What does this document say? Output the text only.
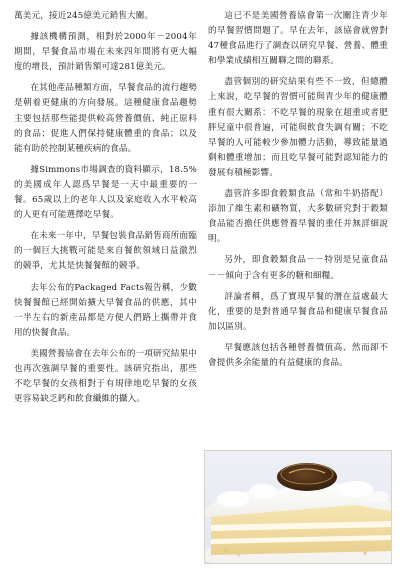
萬美元，接近245億美元銷售大關。

據該機構預測，相對於2000年－2004年期間，早餐食品市場在未來四年間將有更大幅度的增長，預計銷售額可達281億美元。

在其他產品種類方面，早餐食品的流行趨勢是朝着更健康的方向發展。這種健康食品趨勢主要包括那些能提供較高營養價值、純正原料的食品；促進人們保持健康體重的食品；以及能有助於控制某種疾病的食品。

據Simmons市場調查的資料顯示，18.5%的美國成年人認爲早餐是一天中最重要的一餐。65歲以上的老年人以及家庭收入水平較高的人更有可能選擇吃早餐。

在未來一年中，早餐包裝食品銷售商所面臨的一個巨大挑戰可能是來自餐飲領域日益激烈的競爭，尤其是快餐餐館的競爭。

去年公布的Packaged Facts報告稱，少數快餐餐館已經開始擴大早餐食品的供應，其中一半左右的新產品都是方便人們路上攜帶并食用的快餐食品。

美國營養協會在去年公布的一項研究結果中也再次強調早餐的重要性。該研究指出，那些不吃早餐的女孩相對于有規律地吃早餐的女孩更容易缺乏鈣和飲食纖維的攝入。

這已不是美國營養協會第一次關注青少年的早餐習慣問題了。早在去年，該協會就曾對47種食品進行了調查以研究早餐、營養、體重和學業成績相互關聯之間的聯系。

盡管個別的研究結果有些不一致，但總體上來說，吃早餐的習慣可能與青少年的健康體重有很大關系：不吃早餐的現象在超重或者肥胖兒童中很普遍，可能與飲食失調有關；不吃早餐的人可能較少參加體力活動，導致能量過剩和體重增加；而且吃早餐可能對認知能力的發展有積極影響。

盡管許多即食穀類食品（常和牛奶搭配）添加了維生素和礦物質，大多數研究對于穀類食品能否擔任供應營養早餐的重任并無詳細說明。

另外，即食穀類食品－－特別是兒童食品－－傾向于含有更多的糖和細糧。

評論者稱，爲了實現早餐的潛在益處最大化，重要的是對普通早餐食品和健康早餐食品加以區別。

早餐應該包括各種營養價值高、然而卻不會提供多余能量的有益健康的食品。
